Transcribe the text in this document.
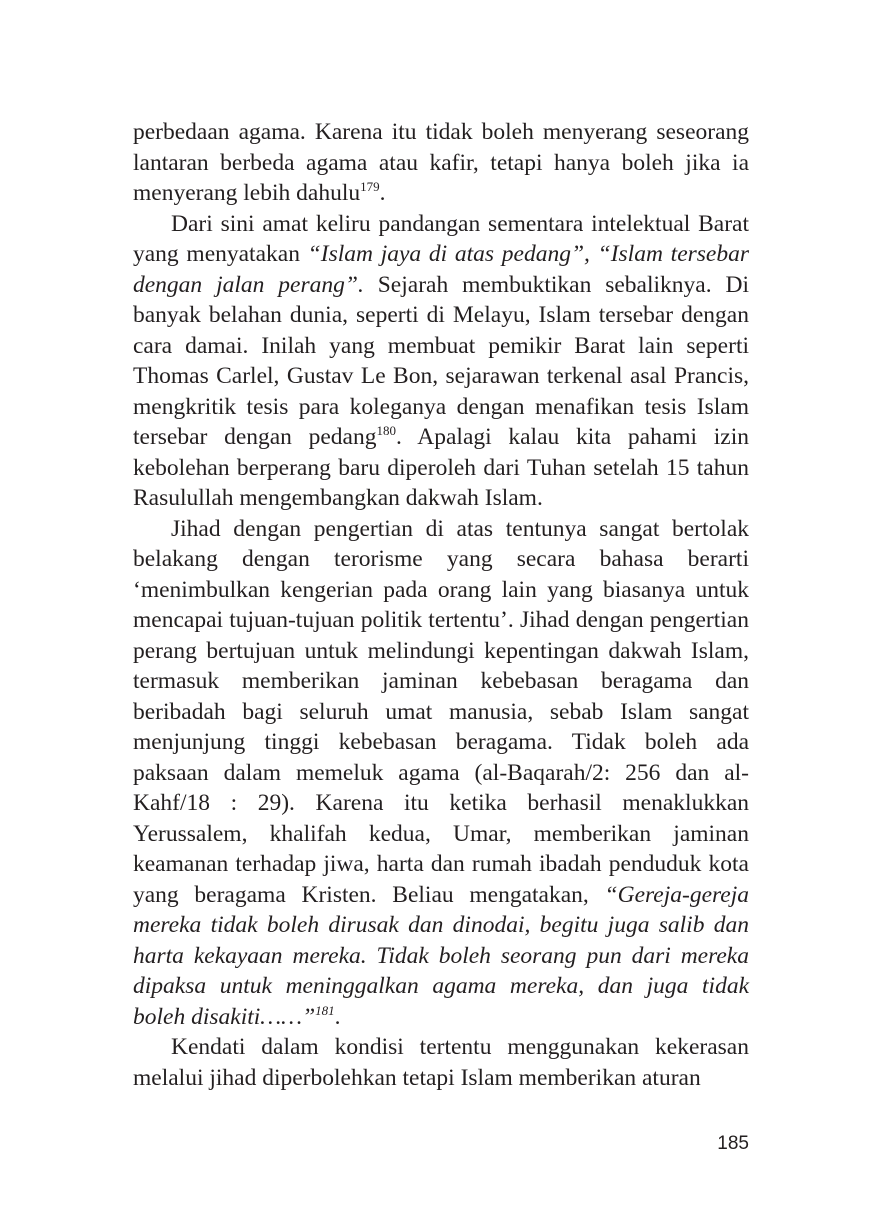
perbedaan agama. Karena itu tidak boleh menyerang seseorang lantaran berbeda agama atau kafir, tetapi hanya boleh jika ia menyerang lebih dahulu$^{179}$.

Dari sini amat keliru pandangan sementara intelektual Barat yang menyatakan “Islam jaya di atas pedang”, “Islam tersebar dengan jalan perang”. Sejarah membuktikan sebaliknya. Di banyak belahan dunia, seperti di Melayu, Islam tersebar dengan cara damai. Inilah yang membuat pemikir Barat lain seperti Thomas Carlel, Gustav Le Bon, sejarawan terkenal asal Prancis, mengkritik tesis para koleganya dengan menafikan tesis Islam tersebar dengan pedang$^{180}$. Apalagi kalau kita pahami izin kebolehan berperang baru diperoleh dari Tuhan setelah 15 tahun Rasulullah mengembangkan dakwah Islam.

Jihad dengan pengertian di atas tentunya sangat bertolak belakang dengan terorisme yang secara bahasa berarti ‘menimbulkan kengerian pada orang lain yang biasanya untuk mencapai tujuan-tujuan politik tertentu’. Jihad dengan pengertian perang bertujuan untuk melindungi kepentingan dakwah Islam, termasuk memberikan jaminan kebebasan beragama dan beribadah bagi seluruh umat manusia, sebab Islam sangat menjunjung tinggi kebebasan beragama. Tidak boleh ada paksaan dalam memeluk agama (al-Baqarah/2: 256 dan al-Kahf/18 : 29). Karena itu ketika berhasil menaklukkan Yerussalem, khalifah kedua, Umar, memberikan jaminan keamanan terhadap jiwa, harta dan rumah ibadah penduduk kota yang beragama Kristen. Beliau mengatakan, “Gereja-gereja mereka tidak boleh dirusak dan dinodai, begitu juga salib dan harta kekayaan mereka. Tidak boleh seorang pun dari mereka dipaksa untuk meninggalkan agama mereka, dan juga tidak boleh disakiti……”$^{181}$.

Kendati dalam kondisi tertentu menggunakan kekerasan melalui jihad diperbolehkan tetapi Islam memberikan aturan

185
